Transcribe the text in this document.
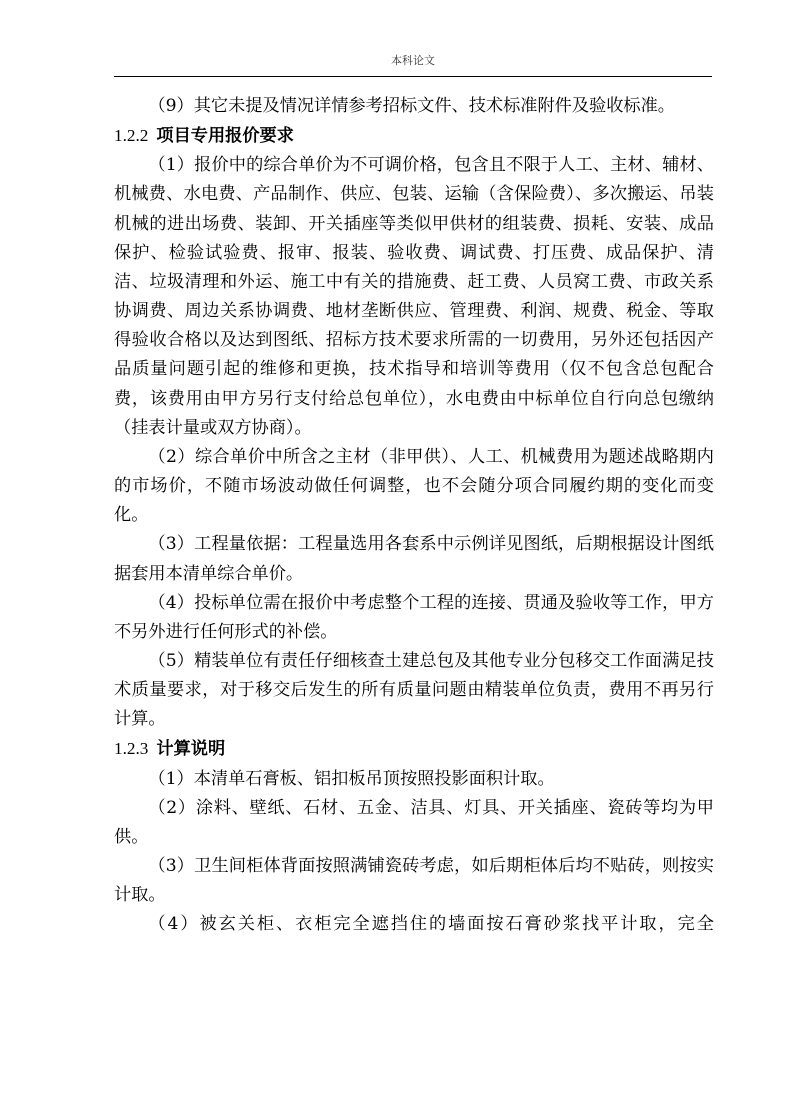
本科论文

（9）其它未提及情况详情参考招标文件、技术标准附件及验收标准。

1.2.2 项目专用报价要求

（1）报价中的综合单价为不可调价格，包含且不限于人工、主材、辅材、机械费、水电费、产品制作、供应、包装、运输（含保险费）、多次搬运、吊装机械的进出场费、装卸、开关插座等类似甲供材的组装费、损耗、安装、成品保护、检验试验费、报审、报装、验收费、调试费、打压费、成品保护、清洁、垃圾清理和外运、施工中有关的措施费、赶工费、人员窝工费、市政关系协调费、周边关系协调费、地材垄断供应、管理费、利润、规费、税金、等取得验收合格以及达到图纸、招标方技术要求所需的一切费用，另外还包括因产品质量问题引起的维修和更换，技术指导和培训等费用（仅不包含总包配合费，该费用由甲方另行支付给总包单位），水电费由中标单位自行向总包缴纳（挂表计量或双方协商）。

（2）综合单价中所含之主材（非甲供）、人工、机械费用为题述战略期内的市场价，不随市场波动做任何调整，也不会随分项合同履约期的变化而变化。

（3）工程量依据：工程量选用各套系中示例详见图纸，后期根据设计图纸据套用本清单综合单价。

（4）投标单位需在报价中考虑整个工程的连接、贯通及验收等工作，甲方不另外进行任何形式的补偿。

（5）精装单位有责任仔细核查土建总包及其他专业分包移交工作面满足技术质量要求，对于移交后发生的所有质量问题由精装单位负责，费用不再另行计算。

1.2.3 计算说明

（1）本清单石膏板、铝扣板吊顶按照投影面积计取。

（2）涂料、壁纸、石材、五金、洁具、灯具、开关插座、瓷砖等均为甲供。

（3）卫生间柜体背面按照满铺瓷砖考虑，如后期柜体后均不贴砖，则按实计取。

（4）被玄关柜、衣柜完全遮挡住的墙面按石膏砂浆找平计取，完全
